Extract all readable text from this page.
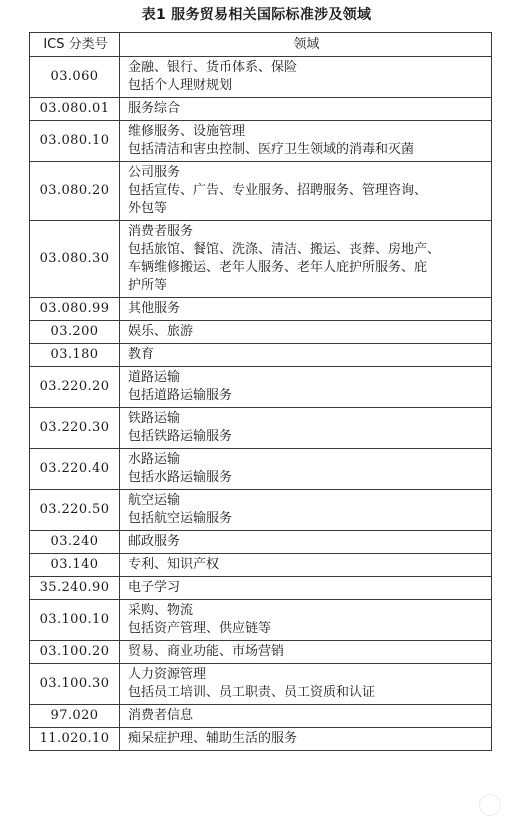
表1 服务贸易相关国际标准涉及领域
ICS 分类号	领域
03.060	金融、银行、货币体系、保险
包括个人理财规划

03.080.01	服务综合

03.080.10	维修服务、设施管理
包括清洁和害虫控制、医疗卫生领域的消毒和灭菌

03.080.20	公司服务
包括宣传、广告、专业服务、招聘服务、管理咨询、
外包等

03.080.30	消费者服务
包括旅馆、餐馆、洗涤、清洁、搬运、丧葬、房地产、
车辆维修搬运、老年人服务、老年人庇护所服务、庇
护所等

03.080.99	其他服务

03.200	娱乐、旅游

03.180	教育

03.220.20	道路运输
包括道路运输服务

03.220.30	铁路运输
包括铁路运输服务

03.220.40	水路运输
包括水路运输服务

03.220.50	航空运输
包括航空运输服务

03.240	邮政服务

03.140	专利、知识产权

35.240.90	电子学习

03.100.10	采购、物流
包括资产管理、供应链等

03.100.20	贸易、商业功能、市场营销

03.100.30	人力资源管理
包括员工培训、员工职责、员工资质和认证

97.020	消费者信息

11.020.10	痴呆症护理、辅助生活的服务
